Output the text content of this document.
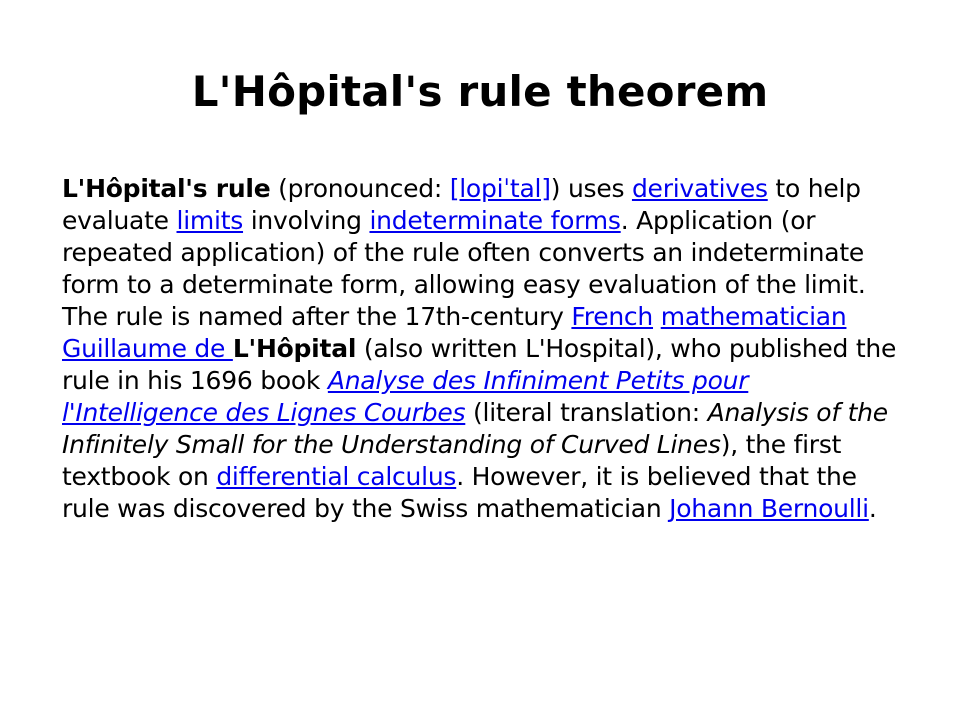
L'Hôpital's rule theorem

L'Hôpital's rule (pronounced: [lopiˈtal]) uses derivatives to help evaluate limits involving indeterminate forms. Application (or repeated application) of the rule often converts an indeterminate form to a determinate form, allowing easy evaluation of the limit. The rule is named after the 17th-century French mathematician Guillaume de L'Hôpital (also written L'Hospital), who published the rule in his 1696 book Analyse des Infiniment Petits pour l'Intelligence des Lignes Courbes (literal translation: Analysis of the Infinitely Small for the Understanding of Curved Lines), the first textbook on differential calculus. However, it is believed that the rule was discovered by the Swiss mathematician Johann Bernoulli.
